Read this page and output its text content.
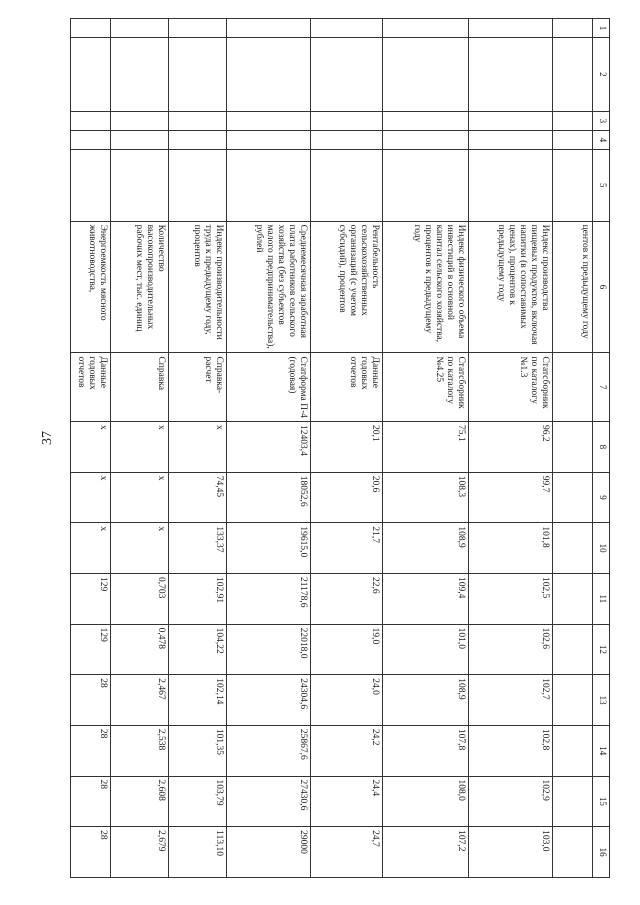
37
1	2	3	4	5	6	7	8	9	10	11	12	13	14	15	16
					центов к предыдущему году										
					Индекс производства пищевых продуктов, включая напитки (в сопоставимых ценах), процентов к предыдущему году	Статсборник по каталогу №1.3	96,2	99,7	101,8	102,5	102,6	102,7	102,8	102,9	103,0
					Индекс физического объема инвестиций в основной капитал сельского хозяйства, процентов к предыдущему году	Статсборник по каталогу №4.25	75,1	108,3	108,9	109,4	101,0	108,9	107,8	108,0	107,2
					Рентабельность сельскохозяйственных организаций (с учетом субсидий), процентов	Данные годовых отчетов	20,1	20,6	21,7	22,6	19,0	24,0	24,2	24,4	24,7
					Среднемесячная заработная плата работников сельского хозяйства (без субъектов малого предпринимательства), рублей	Статформа П-4 (годовая)	12403,4	18052,6	19615,0	21178,6	22018,0	24304,6	25867,6	27430,6	29000
					Индекс производительности труда к предыдущему году, процентов	Справка-расчет	х	74,45	133,37	102,91	104,22	102,14	101,35	103,79	113,10
					Количество высокопроизводительных рабочих мест, тыс. единиц	Справка	х	х	х	0,703	0,478	2,467	2,538	2,608	2,679
					Энергоемкость мясного животноводства,	Данные годовых отчетов	х	х	х	129	129	28	28	28	28
